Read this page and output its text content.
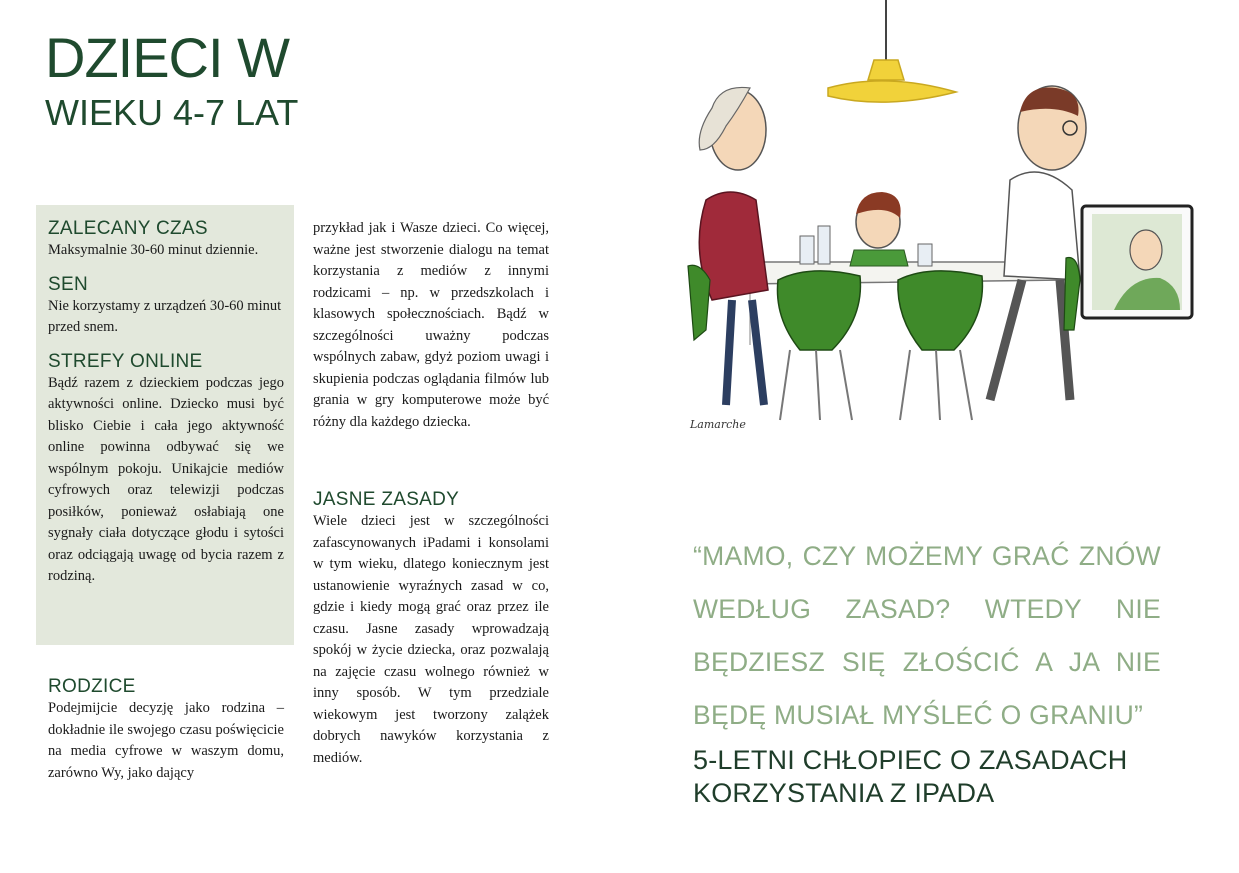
DZIECI W
WIEKU 4-7 LAT
ZALECANY CZAS

Maksymalnie 30-60 minut dziennie.

SEN

Nie korzystamy z urządzeń 30-60 minut przed snem.

STREFY ONLINE

Bądź razem z dzieckiem podczas jego aktywności online. Dziecko musi być blisko Ciebie i cała jego aktywność online powinna odbywać się we wspólnym pokoju. Unikajcie mediów cyfrowych oraz telewizji podczas posiłków, ponieważ osłabiają one sygnały ciała dotyczące głodu i sytości oraz odciągają uwagę od bycia razem z rodziną.

RODZICE

Podejmijcie decyzję jako rodzina – dokładnie ile swojego czasu poświęcicie na media cyfrowe w waszym domu, zarówno Wy, jako dający

przykład jak i Wasze dzieci. Co więcej, ważne jest stworzenie dialogu na temat korzystania z mediów z innymi rodzicami – np. w przedszkolach i klasowych społecznościach. Bądź w szczególności uważny podczas wspólnych zabaw, gdyż poziom uwagi i skupienia podczas oglądania filmów lub grania w gry komputerowe może być różny dla każdego dziecka.

JASNE ZASADY

Wiele dzieci jest w szczególności zafascynowanych iPadami i konsolami w tym wieku, dlatego koniecznym jest ustanowienie wyraźnych zasad w co, gdzie i kiedy mogą grać oraz przez ile czasu. Jasne zasady wprowadzają spokój w życie dziecka, oraz pozwalają na zajęcie czasu wolnego również w inny sposób. W tym przedziale wiekowym jest tworzony zalążek dobrych nawyków korzystania z mediów.

Lamarche
“MAMO, CZY MOŻEMY GRAĆ ZNÓW WEDŁUG ZASAD? WTEDY NIE BĘDZIESZ SIĘ ZŁOŚCIĆ A JA NIE BĘDĘ MUSIAŁ MYŚLEĆ O GRANIU”
5-LETNI CHŁOPIEC O ZASADACH
KORZYSTANIA Z IPADA
